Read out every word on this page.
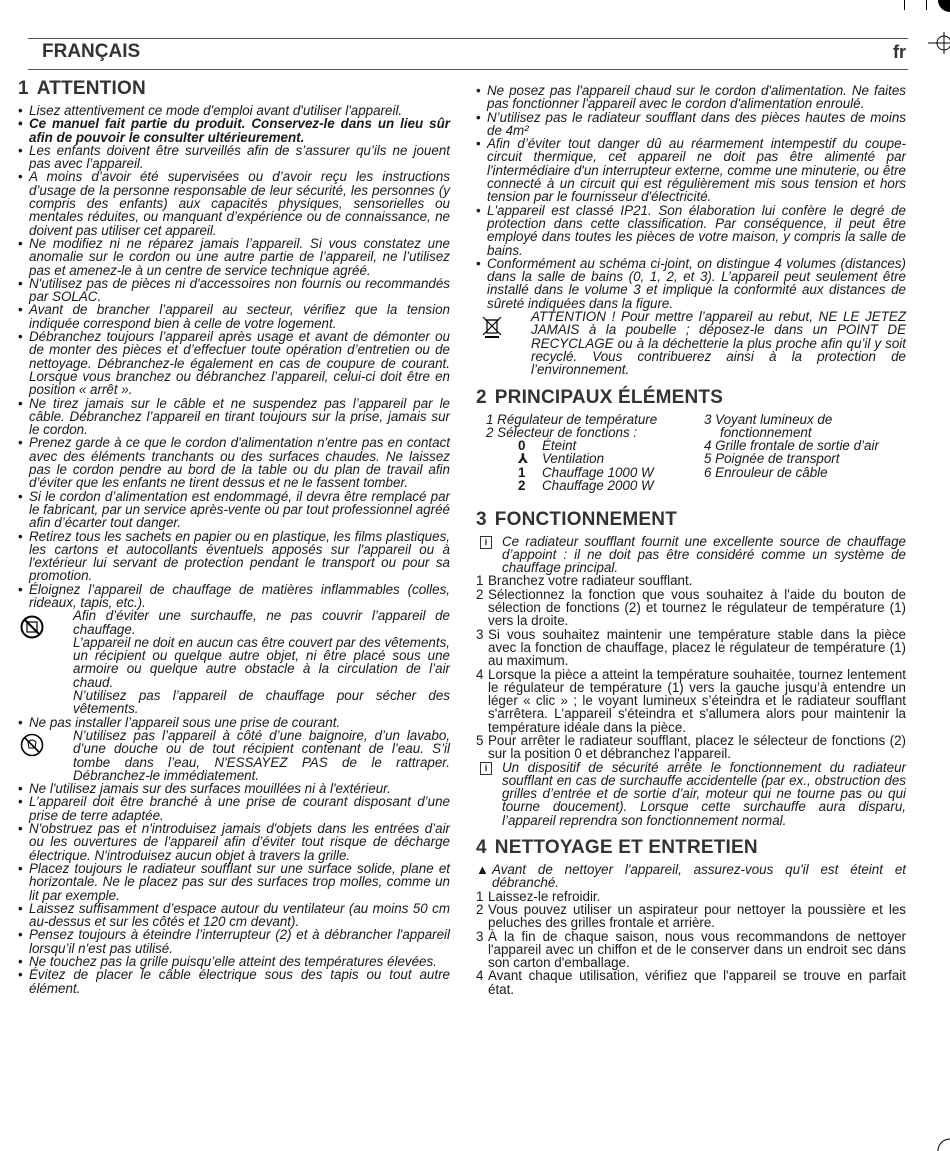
FRANÇAIS	fr
1 ATTENTION
• Lisez attentivement ce mode d'emploi avant d'utiliser l'appareil.
• Ce manuel fait partie du produit. Conservez-le dans un lieu sûr afin de pouvoir le consulter ultérieurement.
• Les enfants doivent être surveillés afin de s’assurer qu’ils ne jouent pas avec l’appareil.
• A moins d’avoir été supervisées ou d’avoir reçu les instructions d’usage de la personne responsable de leur sécurité, les personnes (y compris des enfants) aux capacités physiques, sensorielles ou mentales réduites, ou manquant d’expérience ou de connaissance, ne doivent pas utiliser cet appareil.
• Ne modifiez ni ne réparez jamais l’appareil. Si vous constatez une anomalie sur le cordon ou une autre partie de l’appareil, ne l’utilisez pas et amenez-le à un centre de service technique agréé.
• N'utilisez pas de pièces ni d'accessoires non fournis ou recommandés par SOLAC.
• Avant de brancher l’appareil au secteur, vérifiez que la tension indiquée correspond bien à celle de votre logement.
• Débranchez toujours l’appareil après usage et avant de démonter ou de monter des pièces et d’effectuer toute opération d’entretien ou de nettoyage. Débranchez-le également en cas de coupure de courant. Lorsque vous branchez ou débranchez l’appareil, celui-ci doit être en position « arrêt ».
• Ne tirez jamais sur le câble et ne suspendez pas l’appareil par le câble. Débranchez l’appareil en tirant toujours sur la prise, jamais sur le cordon.
• Prenez garde à ce que le cordon d'alimentation n'entre pas en contact avec des éléments tranchants ou des surfaces chaudes. Ne laissez pas le cordon pendre au bord de la table ou du plan de travail afin d’éviter que les enfants ne tirent dessus et ne le fassent tomber.
• Si le cordon d’alimentation est endommagé, il devra être remplacé par le fabricant, par un service après-vente ou par tout professionnel agréé afin d’écarter tout danger.
• Retirez tous les sachets en papier ou en plastique, les films plastiques, les cartons et autocollants éventuels apposés sur l'appareil ou à l'extérieur lui servant de protection pendant le transport ou pour sa promotion.
• Éloignez l’appareil de chauffage de matières inflammables (colles, rideaux, tapis, etc.).
Afin d’éviter une surchauffe, ne pas couvrir l’appareil de chauffage.
L’appareil ne doit en aucun cas être couvert par des vêtements, un récipient ou quelque autre objet, ni être placé sous une armoire ou quelque autre obstacle à la circulation de l’air chaud.
N’utilisez pas l’appareil de chauffage pour sécher des vêtements.
• Ne pas installer l’appareil sous une prise de courant.
N’utilisez pas l’appareil à côté d’une baignoire, d’un lavabo, d’une douche ou de tout récipient contenant de l’eau. S’il tombe dans l’eau, N'ESSAYEZ PAS de le rattraper. Débranchez-le immédiatement.
• Ne l'utilisez jamais sur des surfaces mouillées ni à l'extérieur.
• L’appareil doit être branché à une prise de courant disposant d’une prise de terre adaptée.
• N'obstruez pas et n'introduisez jamais d'objets dans les entrées d’air ou les ouvertures de l'appareil afin d’éviter tout risque de décharge électrique. N'introduisez aucun objet à travers la grille.
• Placez toujours le radiateur soufflant sur une surface solide, plane et horizontale. Ne le placez pas sur des surfaces trop molles, comme un lit par exemple.
• Laissez suffisamment d’espace autour du ventilateur (au moins 50 cm au-dessus et sur les côtés et 120 cm devant).
• Pensez toujours à éteindre l’interrupteur (2) et à débrancher l'appareil lorsqu’il n'est pas utilisé.
• Ne touchez pas la grille puisqu’elle atteint des températures élevées.
• Évitez de placer le câble électrique sous des tapis ou tout autre élément.
• Ne posez pas l'appareil chaud sur le cordon d'alimentation. Ne faites pas fonctionner l'appareil avec le cordon d'alimentation enroulé.
• N’utilisez pas le radiateur soufflant dans des pièces hautes de moins de 4m²
• Afin d’éviter tout danger dû au réarmement intempestif du coupe-circuit thermique, cet appareil ne doit pas être alimenté par l'intermédiaire d'un interrupteur externe, comme une minuterie, ou être connecté à un circuit qui est régulièrement mis sous tension et hors tension par le fournisseur d'électricité.
• L'appareil est classé IP21. Son élaboration lui confère le degré de protection dans cette classification. Par conséquence, il peut être employé dans toutes les pièces de votre maison, y compris la salle de bains.
• Conformément au schéma ci-joint, on distingue 4 volumes (distances) dans la salle de bains (0, 1, 2, et 3). L’appareil peut seulement être installé dans le volume 3 et implique la conformité aux distances de sûreté indiquées dans la figure.
ATTENTION ! Pour mettre l’appareil au rebut, NE LE JETEZ JAMAIS à la poubelle ; déposez-le dans un POINT DE RECYCLAGE ou à la déchetterie la plus proche afin qu’il y soit recyclé. Vous contribuerez ainsi à la protection de l’environnement.
2 PRINCIPAUX ÉLÉMENTS
1 Régulateur de température
2 Sélecteur de fonctions :
0 Éteint
⅄ Ventilation
1 Chauffage 1000 W
2 Chauffage 2000 W
3 Voyant lumineux de
fonctionnement
4 Grille frontale de sortie d’air
5 Poignée de transport
6 Enrouleur de câble
3 FONCTIONNEMENT
i	Ce radiateur soufflant fournit une excellente source de chauffage d’appoint : il ne doit pas être considéré comme un système de chauffage principal.
1 Branchez votre radiateur soufflant.
2 Sélectionnez la fonction que vous souhaitez à l'aide du bouton de sélection de fonctions (2) et tournez le régulateur de température (1) vers la droite.
3 Si vous souhaitez maintenir une température stable dans la pièce avec la fonction de chauffage, placez le régulateur de température (1) au maximum.
4 Lorsque la pièce a atteint la température souhaitée, tournez lentement le régulateur de température (1) vers la gauche jusqu’à entendre un léger « clic » ; le voyant lumineux s’éteindra et le radiateur soufflant s'arrêtera. L'appareil s'éteindra et s'allumera alors pour maintenir la température idéale dans la pièce.
5 Pour arrêter le radiateur soufflant, placez le sélecteur de fonctions (2) sur la position 0 et débranchez l'appareil.
i	Un dispositif de sécurité arrête le fonctionnement du radiateur soufflant en cas de surchauffe accidentelle (par ex., obstruction des grilles d’entrée et de sortie d’air, moteur qui ne tourne pas ou qui tourne doucement). Lorsque cette surchauffe aura disparu, l’appareil reprendra son fonctionnement normal.
4 NETTOYAGE ET ENTRETIEN
▲ Avant de nettoyer l'appareil, assurez-vous qu'il est éteint et débranché.
1 Laissez-le refroidir.
2 Vous pouvez utiliser un aspirateur pour nettoyer la poussière et les peluches des grilles frontale et arrière.
3 À la fin de chaque saison, nous vous recommandons de nettoyer l'appareil avec un chiffon et de le conserver dans un endroit sec dans son carton d'emballage.
4 Avant chaque utilisation, vérifiez que l'appareil se trouve en parfait état.
